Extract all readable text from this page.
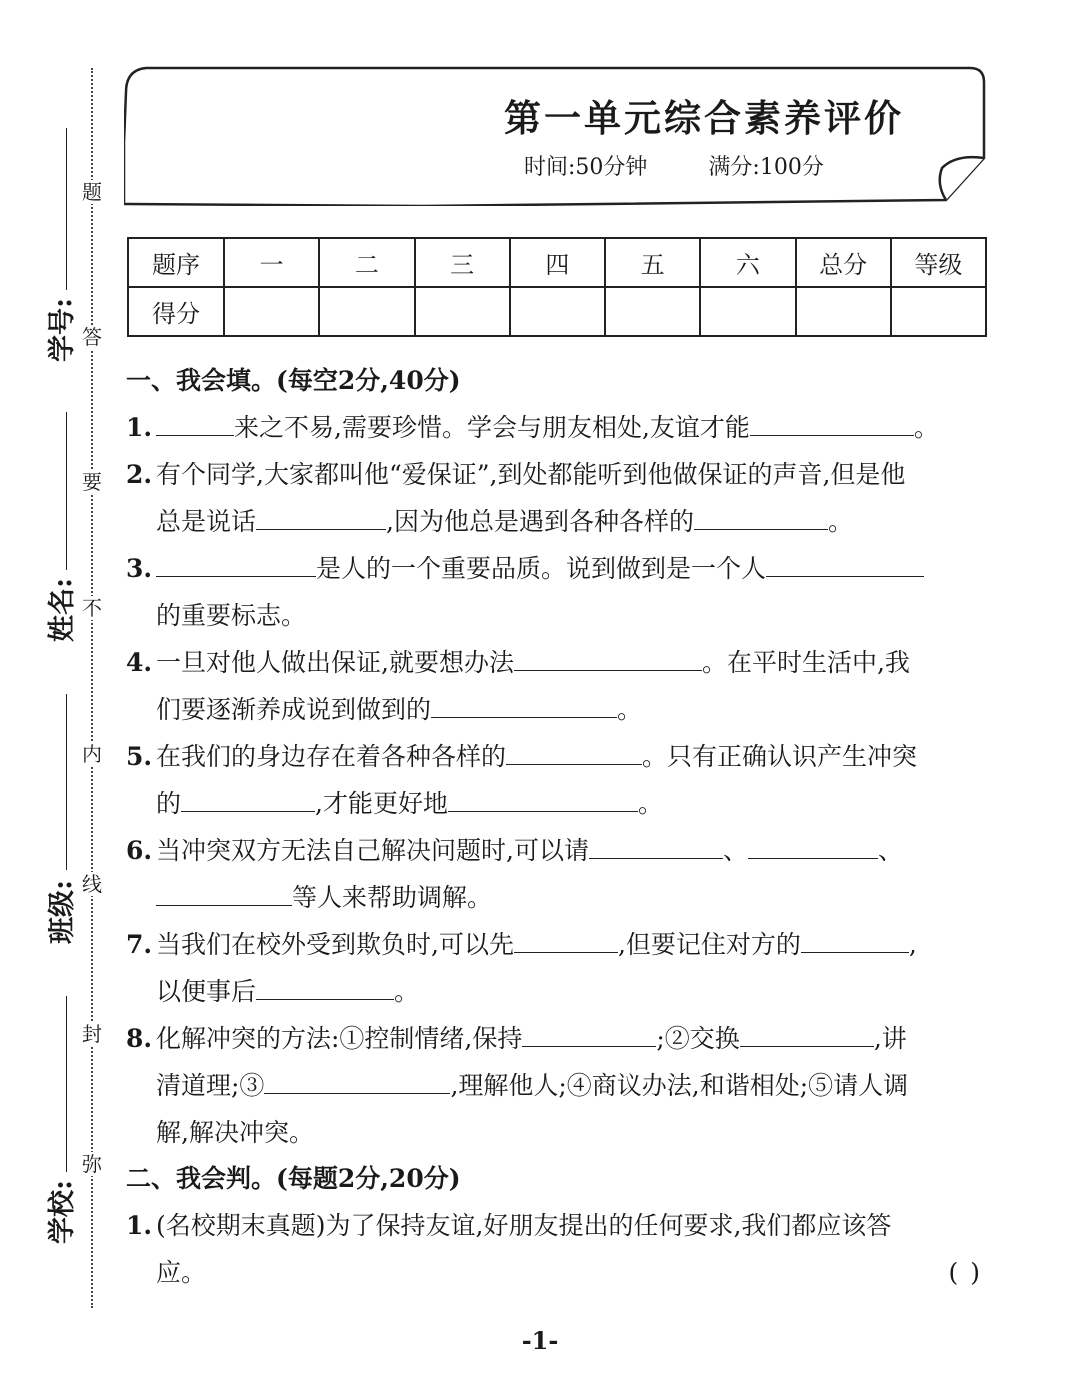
题
答
要
不
内
线
封
弥
学号:
姓名:
班级:
学校:
第一单元综合素养评价
时间:50分钟	满分:100分
题序	一	二	三	四	五	六	总分	等级
得分								
一、我会填。(每空2分,40分)
1.	来之不易,需要珍惜。学会与朋友相处,友谊才能	。
2. 有个同学,大家都叫他“爱保证”,到处都能听到他做保证的声音,但是他
总是说话	,因为他总是遇到各种各样的	。
3.	是人的一个重要品质。说到做到是一个人
的重要标志。
4. 一旦对他人做出保证,就要想办法	。在平时生活中,我
们要逐渐养成说到做到的	。
5. 在我们的身边存在着各种各样的	。只有正确认识产生冲突
的	,才能更好地	。
6. 当冲突双方无法自己解决问题时,可以请	、	、
等人来帮助调解。
7. 当我们在校外受到欺负时,可以先	,但要记住对方的	,
以便事后	。
8. 化解冲突的方法:①控制情绪,保持	;②交换	,讲
清道理;③	,理解他人;④商议办法,和谐相处;⑤请人调
解,解决冲突。
二、我会判。(每题2分,20分)
1. (名校期末真题)为了保持友谊,好朋友提出的任何要求,我们都应该答
应。	( )
-1-
